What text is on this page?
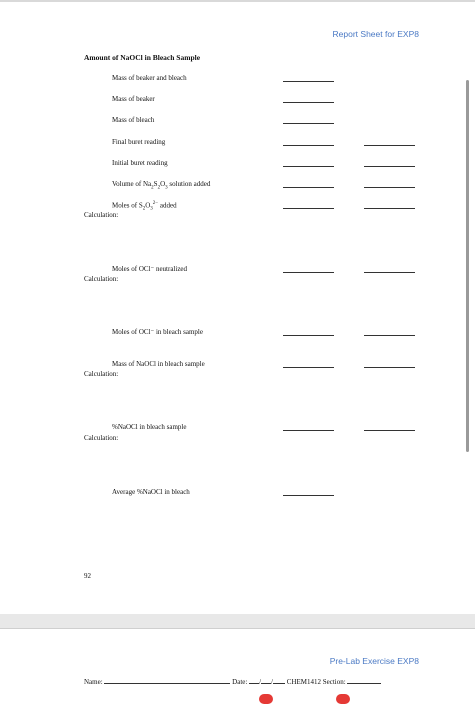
Report Sheet for EXP8
Amount of NaOCl in Bleach Sample
Mass of beaker and bleach
Mass of beaker
Mass of bleach
Final buret reading
Initial buret reading
Volume of $Na_2S_2O_3$ solution added
Moles of $S_2O_3^{2-}$ added
Calculation:
Moles of OCl⁻ neutralized
Calculation:
Moles of OCl⁻ in bleach sample
Mass of NaOCl in bleach sample
Calculation:
%NaOCl in bleach sample
Calculation:
Average %NaOCl in bleach
92
Pre-Lab Exercise EXP8
Name:	Date: / / CHEM1412 Section:
